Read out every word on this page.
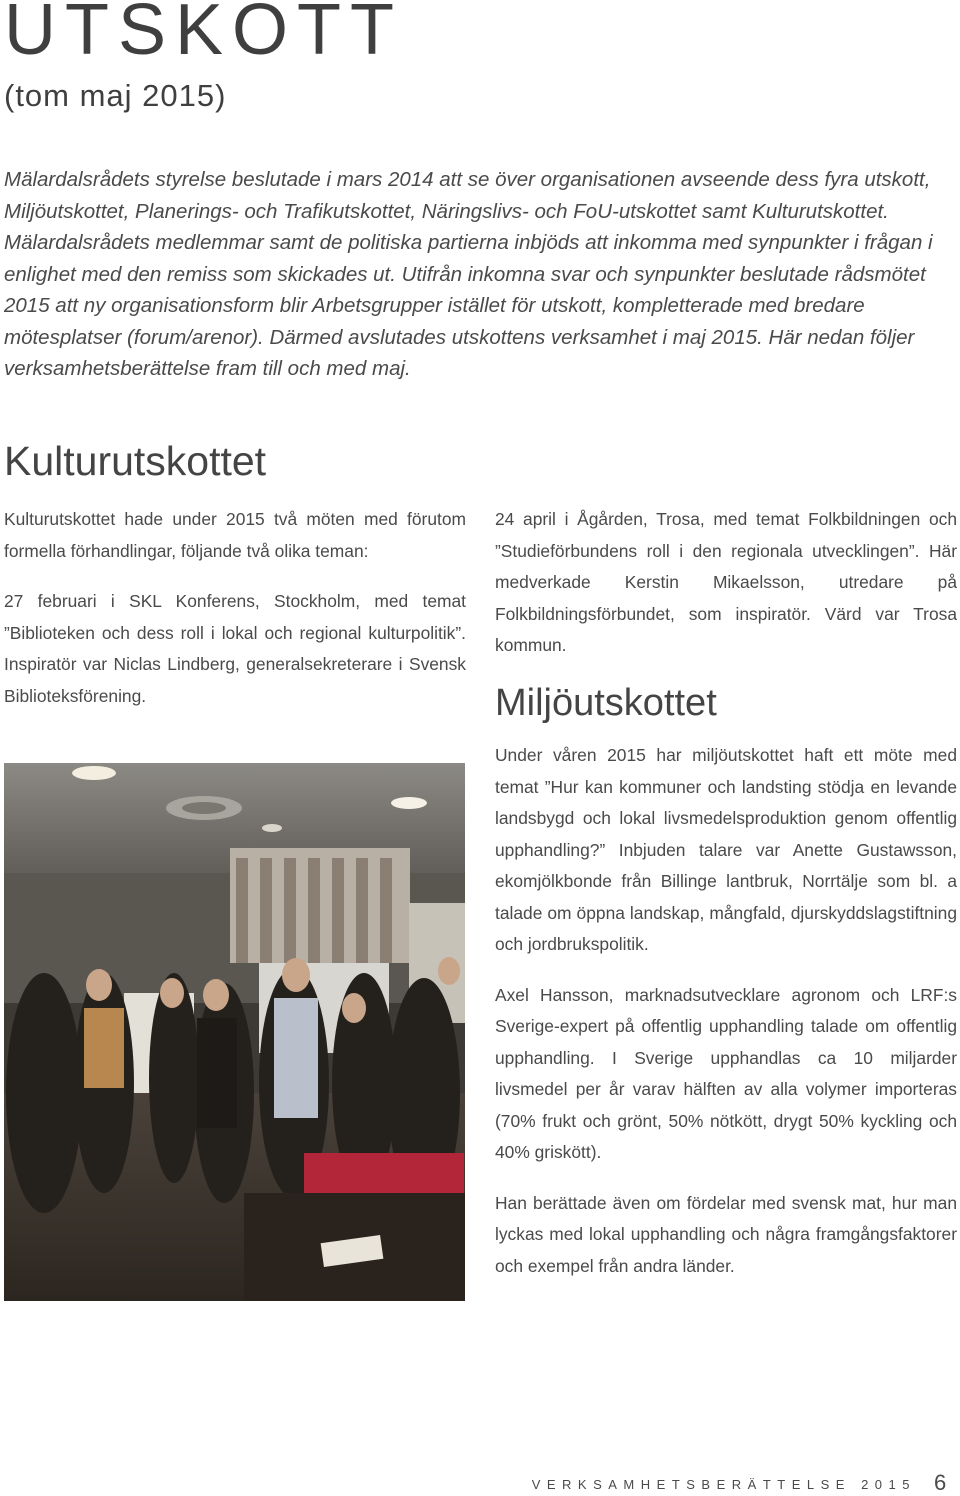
UTSKOTT
(tom maj 2015)

Mälardalsrådets styrelse beslutade i mars 2014 att se över organisationen avseende dess fyra utskott, Miljöutskottet, Planerings- och Trafikutskottet, Näringslivs- och FoU-utskottet samt Kulturutskottet. Mälardalsrådets medlemmar samt de politiska partierna inbjöds att inkomma med synpunkter i frågan i enlighet med den remiss som skickades ut. Utifrån inkomna svar och synpunkter beslutade rådsmötet 2015 att ny organisationsform blir Arbetsgrupper istället för utskott, kompletterade med bredare mötesplatser (forum/arenor). Därmed avslutades utskottens verksamhet i maj 2015. Här nedan följer verksamhetsberättelse fram till och med maj.

Kulturutskottet

Kulturutskottet hade under 2015 två möten med förutom formella förhandlingar, följande två olika teman:

27 februari i SKL Konferens, Stockholm, med temat ”Biblioteken och dess roll i lokal och regional kulturpolitik”. Inspiratör var Niclas Lindberg, generalsekreterare i Svensk Biblioteksförening.

24 april i Ågården, Trosa, med temat Folkbildningen och ”Studieförbundens roll i den regionala utvecklingen”. Här medverkade Kerstin Mikaelsson, utredare på Folkbildningsförbundet, som inspiratör. Värd var Trosa kommun.

Miljöutskottet

Under våren 2015 har miljöutskottet haft ett möte med temat ”Hur kan kommuner och landsting stödja en levande landsbygd och lokal livsmedelsproduktion genom offentlig upphandling?” Inbjuden talare var Anette Gustawsson, ekomjölkbonde från Billinge lantbruk, Norrtälje som bl. a talade om öppna landskap, mångfald, djurskyddslagstiftning och jordbrukspolitik.

Axel Hansson, marknadsutvecklare agronom och LRF:s Sverige-expert på offentlig upphandling talade om offentlig upphandling. I Sverige upphandlas ca 10 miljarder livsmedel per år varav hälften av alla volymer importeras (70% frukt och grönt, 50% nötkött, drygt 50% kyckling och 40% griskött).

Han berättade även om fördelar med svensk mat, hur man lyckas med lokal upphandling och några framgångsfaktorer och exempel från andra länder.

VERKSAMHETSBERÄTTELSE 2015 6
